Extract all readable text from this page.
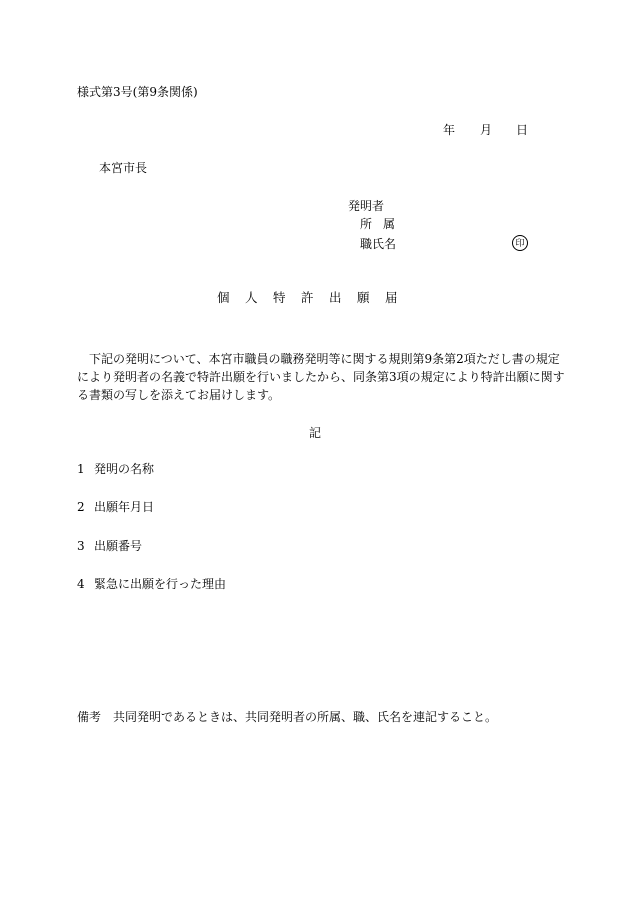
様式第3号(第9条関係)
年 月 日
本宮市長
発明者
所属
職氏名	印
個人特許出願届
　下記の発明について、本宮市職員の職務発明等に関する規則第9条第2項ただし書の規定
により発明者の名義で特許出願を行いましたから、同条第3項の規定により特許出願に関す
る書類の写しを添えてお届けします。
記
1 発明の名称
2 出願年月日
3 出願番号
4 緊急に出願を行った理由
備考 共同発明であるときは、共同発明者の所属、職、氏名を連記すること。
